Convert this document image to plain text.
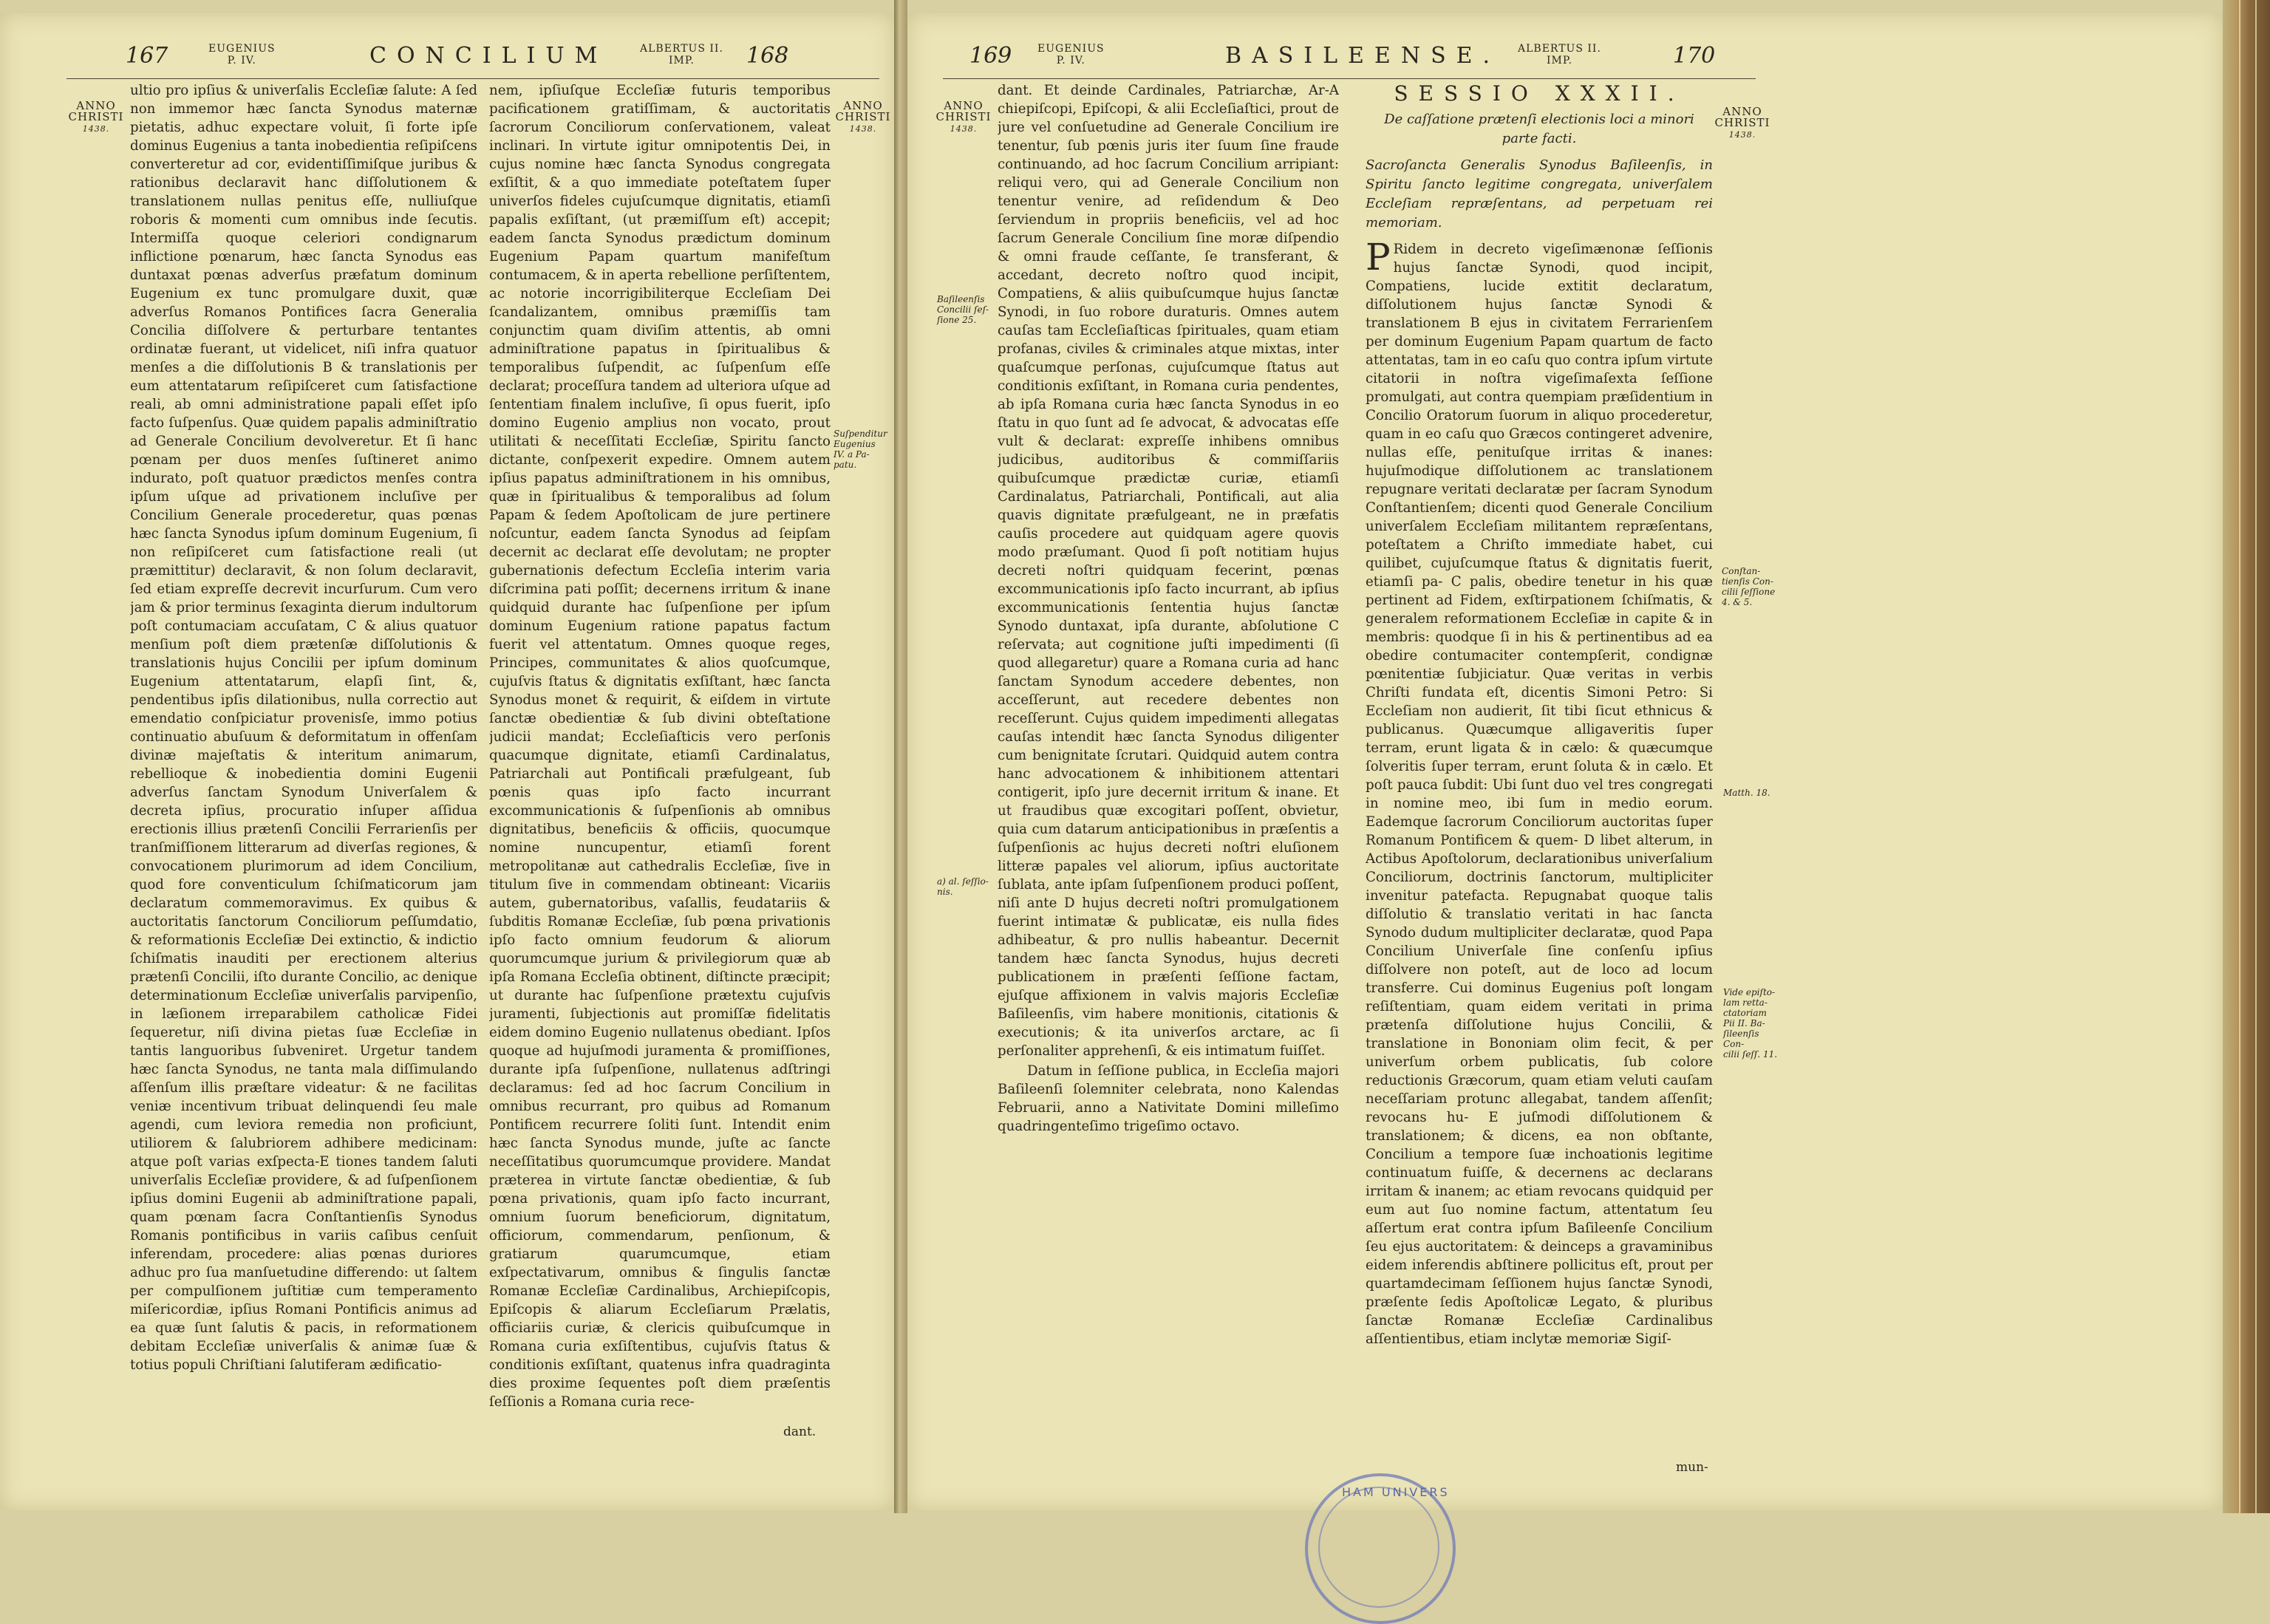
167	EUGENIUS
P. IV.	CONCILIUM	ALBERTUS II.
IMP.	168
ANNO
CHRISTI
1438.
ANNO
CHRISTI
1438.
Suſpenditur
Eugenius
IV. a Pa-
patu.

ultio pro ipſius & univerſalis Eccleſiæ ſalute: A ſed non immemor hæc ſancta Synodus maternæ pietatis, adhuc expectare voluit, ſi forte ipſe dominus Eugenius a tanta inobedientia reſipiſcens converteretur ad cor, evidentiſſimiſque juribus & rationibus declaravit hanc diſſolutionem & translationem nullas penitus eſſe, nulliuſque roboris & momenti cum omnibus inde ſecutis. Intermiſſa quoque celeriori condignarum inflictione pœnarum, hæc ſancta Synodus eas duntaxat pœnas adverſus præfatum dominum Eugenium ex tunc promulgare duxit, quæ adverſus Romanos Pontifices ſacra Generalia Concilia diſſolvere & perturbare tentantes ordinatæ fuerant, ut videlicet, niſi infra quatuor menſes a die diſſolutionis B & translationis per eum attentatarum reſipiſceret cum ſatisfactione reali, ab omni administratione papali eſſet ipſo facto ſuſpenſus. Quæ quidem papalis adminiſtratio ad Generale Concilium devolveretur. Et ſi hanc pœnam per duos menſes ſuſtineret animo indurato, poſt quatuor prædictos menſes contra ipſum uſque ad privationem incluſive per Concilium Generale procederetur, quas pœnas hæc ſancta Synodus ipſum dominum Eugenium, ſi non reſipiſceret cum ſatisfactione reali (ut præmittitur) declaravit, & non ſolum declaravit, ſed etiam expreſſe decrevit incurſurum. Cum vero jam & prior terminus ſexaginta dierum indultorum poſt contumaciam accuſatam, C & alius quatuor menſium poſt diem prætenſæ diſſolutionis & translationis hujus Concilii per ipſum dominum Eugenium attentatarum, elapſi ſint, &, pendentibus ipſis dilationibus, nulla correctio aut emendatio conſpiciatur provenisſe, immo potius continuatio abuſuum & deformitatum in offenſam divinæ majeſtatis & interitum animarum, rebellioque & inobedientia domini Eugenii adverſus ſanctam Synodum Univerſalem & decreta ipſius, procuratio inſuper aſſidua erectionis illius prætenſi Concilii Ferrarienſis per tranſmiſſionem litterarum ad diverſas regiones, & convocationem plurimorum ad idem Concilium, quod fore conventiculum ſchiſmaticorum jam declaratum commemoravimus. Ex quibus & auctoritatis ſanctorum Conciliorum peſſumdatio, & reformationis Eccleſiæ Dei extinctio, & indictio ſchiſmatis inauditi per erectionem alterius prætenſi Concilii, iſto durante Concilio, ac denique determinationum Eccleſiæ univerſalis parvipenſio, in læſionem irreparabilem catholicæ Fidei ſequeretur, niſi divina pietas ſuæ Eccleſiæ in tantis languoribus ſubveniret. Urgetur tandem hæc ſancta Synodus, ne tanta mala diſſimulando aſſenſum illis præſtare videatur: & ne facilitas veniæ incentivum tribuat delinquendi ſeu male agendi, cum leviora remedia non proficiunt, utiliorem & ſalubriorem adhibere medicinam: atque poſt varias exſpecta-E tiones tandem ſaluti univerſalis Eccleſiæ providere, & ad ſuſpenſionem ipſius domini Eugenii ab adminiſtratione papali, quam pœnam ſacra Conſtantienſis Synodus Romanis pontificibus in variis caſibus cenſuit inferendam, procedere: alias pœnas duriores adhuc pro ſua manſuetudine differendo: ut ſaltem per compulſionem juſtitiæ cum temperamento miſericordiæ, ipſius Romani Pontificis animus ad ea quæ ſunt ſalutis & pacis, in reformationem debitam Eccleſiæ univerſalis & animæ ſuæ & totius populi Chriſtiani ſalutiferam ædificatio-

nem, ipſiuſque Eccleſiæ futuris temporibus pacificationem gratiſſimam, & auctoritatis ſacrorum Conciliorum conſervationem, valeat inclinari. In virtute igitur omnipotentis Dei, in cujus nomine hæc ſancta Synodus congregata exſiſtit, & a quo immediate poteſtatem ſuper univerſos fideles cujuſcumque dignitatis, etiamſi papalis exſiſtant, (ut præmiſſum eſt) accepit; eadem ſancta Synodus prædictum dominum Eugenium Papam quartum manifeſtum contumacem, & in aperta rebellione perſiſtentem, ac notorie incorrigibiliterque Eccleſiam Dei ſcandalizantem, omnibus præmiſſis tam conjunctim quam diviſim attentis, ab omni adminiſtratione papatus in ſpiritualibus & temporalibus ſuſpendit, ac ſuſpenſum eſſe declarat; proceſſura tandem ad ulteriora uſque ad ſententiam finalem incluſive, ſi opus fuerit, ipſo domino Eugenio amplius non vocato, prout utilitati & neceſſitati Eccleſiæ, Spiritu ſancto dictante, conſpexerit expedire. Omnem autem ipſius papatus adminiſtrationem in his omnibus, quæ in ſpiritualibus & temporalibus ad ſolum Papam & ſedem Apoſtolicam de jure pertinere noſcuntur, eadem ſancta Synodus ad ſeipſam decernit ac declarat eſſe devolutam; ne propter gubernationis defectum Eccleſia interim varia diſcrimina pati poſſit; decernens irritum & inane quidquid durante hac ſuſpenſione per ipſum dominum Eugenium ratione papatus factum fuerit vel attentatum. Omnes quoque reges, Principes, communitates & alios quoſcumque, cujuſvis ſtatus & dignitatis exſiſtant, hæc ſancta Synodus monet & requirit, & eiſdem in virtute ſanctæ obedientiæ & ſub divini obteſtatione judicii mandat; Eccleſiaſticis vero perſonis quacumque dignitate, etiamſi Cardinalatus, Patriarchali aut Pontificali præfulgeant, ſub pœnis quas ipſo facto incurrant excommunicationis & ſuſpenſionis ab omnibus dignitatibus, beneficiis & officiis, quocumque nomine nuncupentur, etiamſi forent metropolitanæ aut cathedralis Eccleſiæ, ſive in titulum ſive in commendam obtineant: Vicariis autem, gubernatoribus, vaſallis, feudatariis & ſubditis Romanæ Eccleſiæ, ſub pœna privationis ipſo facto omnium feudorum & aliorum quorumcumque jurium & privilegiorum quæ ab ipſa Romana Eccleſia obtinent, diſtincte præcipit; ut durante hac ſuſpenſione prætextu cujuſvis juramenti, ſubjectionis aut promiſſæ fidelitatis eidem domino Eugenio nullatenus obediant. Ipſos quoque ad hujuſmodi juramenta & promiſſiones, durante ipſa ſuſpenſione, nullatenus adſtringi declaramus: ſed ad hoc ſacrum Concilium in omnibus recurrant, pro quibus ad Romanum Pontificem recurrere ſoliti ſunt. Intendit enim hæc ſancta Synodus munde, juſte ac ſancte neceſſitatibus quorumcumque providere. Mandat præterea in virtute ſanctæ obedientiæ, & ſub pœna privationis, quam ipſo facto incurrant, omnium ſuorum beneficiorum, dignitatum, officiorum, commendarum, penſionum, & gratiarum quarumcumque, etiam exſpectativarum, omnibus & ſingulis ſanctæ Romanæ Eccleſiæ Cardinalibus, Archiepiſcopis, Epiſcopis & aliarum Eccleſiarum Prælatis, officiariis curiæ, & clericis quibuſcumque in Romana curia exſiſtentibus, cujuſvis ſtatus & conditionis exſiſtant, quatenus infra quadraginta dies proxime ſequentes poſt diem præſentis ſeſſionis a Romana curia rece-

dant.
169 EUGENIUS
P. IV.	BASILEENSE. ALBERTUS II.
IMP.	170
ANNO
CHRISTI
1438.
ANNO
CHRISTI
1438.
Baſileenſis
Concilii ſeſ-
ſione 25.
a) al. ſeſſio-
nis.
Conſtan-
tienſis Con-
cilii ſeſſione
4. & 5.
Matth. 18.
Vide epiſto-
lam retta-
ctatoriam
Pii II. Ba-
ſileenſis Con-
cilii ſeſſ. 11.

dant. Et deinde Cardinales, Patriarchæ, Ar-A chiepiſcopi, Epiſcopi, & alii Eccleſiaſtici, prout de jure vel conſuetudine ad Generale Concilium ire tenentur, ſub pœnis juris iter ſuum ſine fraude continuando, ad hoc ſacrum Concilium arripiant: reliqui vero, qui ad Generale Concilium non tenentur venire, ad reſidendum & Deo ſerviendum in propriis beneficiis, vel ad hoc ſacrum Generale Concilium ſine moræ diſpendio & omni fraude ceſſante, ſe transferant, & accedant, decreto noſtro quod incipit, Compatiens, & aliis quibuſcumque hujus ſanctæ Synodi, in ſuo robore duraturis. Omnes autem cauſas tam Eccleſiaſticas ſpirituales, quam etiam profanas, civiles & criminales atque mixtas, inter quaſcumque perſonas, cujuſcumque ſtatus aut conditionis exſiſtant, in Romana curia pendentes, ab ipſa Romana curia hæc ſancta Synodus in eo ſtatu in quo ſunt ad ſe advocat, & advocatas eſſe vult & declarat: expreſſe inhibens omnibus judicibus, auditoribus & commiſſariis quibuſcumque prædictæ curiæ, etiamſi Cardinalatus, Patriarchali, Pontificali, aut alia quavis dignitate præfulgeant, ne in præfatis cauſis procedere aut quidquam agere quovis modo præſumant. Quod ſi poſt notitiam hujus decreti noſtri quidquam fecerint, pœnas excommunicationis ipſo facto incurrant, ab ipſius excommunicationis ſententia hujus ſanctæ Synodo duntaxat, ipſa durante, abſolutione C reſervata; aut cognitione juſti impedimenti (ſi quod allegaretur) quare a Romana curia ad hanc ſanctam Synodum accedere debentes, non acceſſerunt, aut recedere debentes non receſſerunt. Cujus quidem impedimenti allegatas cauſas intendit hæc ſancta Synodus diligenter cum benignitate ſcrutari. Quidquid autem contra hanc advocationem & inhibitionem attentari contigerit, ipſo jure decernit irritum & inane. Et ut fraudibus quæ excogitari poſſent, obvietur, quia cum datarum anticipationibus in præſentis a ſuſpenſionis ac hujus decreti noſtri eluſionem litteræ papales vel aliorum, ipſius auctoritate ſublata, ante ipſam ſuſpenſionem produci poſſent, niſi ante D hujus decreti noſtri promulgationem fuerint intimatæ & publicatæ, eis nulla fides adhibeatur, & pro nullis habeantur. Decernit tandem hæc ſancta Synodus, hujus decreti publicationem in præſenti ſeſſione factam, ejuſque affixionem in valvis majoris Eccleſiæ Baſileenſis, vim habere monitionis, citationis & executionis; & ita univerſos arctare, ac ſi perſonaliter apprehenſi, & eis intimatum fuiſſet.

Datum in ſeſſione publica, in Eccleſia majori Baſileenſi ſolemniter celebrata, nono Kalendas Februarii, anno a Nativitate Domini milleſimo quadringenteſimo trigeſimo octavo.

SESSIO XXXII.
De caſſatione prætenſi electionis loci a minori parte facti.
Sacroſancta Generalis Synodus Baſileenſis, in Spiritu ſancto legitime congregata, univerſalem Eccleſiam repræſentans, ad perpetuam rei memoriam.

P Ridem in decreto vigeſimænonæ ſeſſionis hujus ſanctæ Synodi, quod incipit, Compatiens, lucide extitit declaratum, diſſolutionem hujus ſanctæ Synodi & translationem B ejus in civitatem Ferrarienſem per dominum Eugenium Papam quartum de facto attentatas, tam in eo caſu quo contra ipſum virtute citatorii in noſtra vigeſimaſexta ſeſſione promulgati, aut contra quempiam præſidentium in Concilio Oratorum ſuorum in aliquo procederetur, quam in eo caſu quo Græcos contingeret advenire, nullas eſſe, penituſque irritas & inanes: hujuſmodique diſſolutionem ac translationem repugnare veritati declaratæ per ſacram Synodum Conſtantienſem; dicenti quod Generale Concilium univerſalem Eccleſiam militantem repræſentans, poteſtatem a Chriſto immediate habet, cui quilibet, cujuſcumque ſtatus & dignitatis fuerit, etiamſi pa- C palis, obedire tenetur in his quæ pertinent ad Fidem, exſtirpationem ſchiſmatis, & generalem reformationem Eccleſiæ in capite & in membris: quodque ſi in his & pertinentibus ad ea obedire contumaciter contempſerit, condignæ pœnitentiæ ſubjiciatur. Quæ veritas in verbis Chriſti fundata eſt, dicentis Simoni Petro: Si Eccleſiam non audierit, ſit tibi ſicut ethnicus & publicanus. Quæcumque alligaveritis ſuper terram, erunt ligata & in cælo: & quæcumque ſolveritis ſuper terram, erunt ſoluta & in cælo. Et poſt pauca ſubdit: Ubi ſunt duo vel tres congregati in nomine meo, ibi ſum in medio eorum. Eademque ſacrorum Conciliorum auctoritas ſuper Romanum Pontificem & quem- D libet alterum, in Actibus Apoſtolorum, declarationibus univerſalium Conciliorum, doctrinis ſanctorum, multipliciter invenitur patefacta. Repugnabat quoque talis diſſolutio & translatio veritati in hac ſancta Synodo dudum multipliciter declaratæ, quod Papa Concilium Univerſale ſine conſenſu ipſius diſſolvere non poteſt, aut de loco ad locum transferre. Cui dominus Eugenius poſt longam reſiſtentiam, quam eidem veritati in prima prætenſa diſſolutione hujus Concilii, & translatione in Bononiam olim fecit, & per univerſum orbem publicatis, ſub colore reductionis Græcorum, quam etiam veluti cauſam neceſſariam protunc allegabat, tandem aſſenſit; revocans hu- E juſmodi diſſolutionem & translationem; & dicens, ea non obſtante, Concilium a tempore ſuæ inchoationis legitime continuatum fuiſſe, & decernens ac declarans irritam & inanem; ac etiam revocans quidquid per eum aut ſuo nomine factum, attentatum ſeu aſſertum erat contra ipſum Baſileenſe Concilium ſeu ejus auctoritatem: & deinceps a gravaminibus eidem inferendis abſtinere pollicitus eſt, prout per quartamdecimam ſeſſionem hujus ſanctæ Synodi, præſente ſedis Apoſtolicæ Legato, & pluribus ſanctæ Romanæ Eccleſiæ Cardinalibus aſſentientibus, etiam inclytæ memoriæ Sigiſ-

mun-
HAM UNIVERS
